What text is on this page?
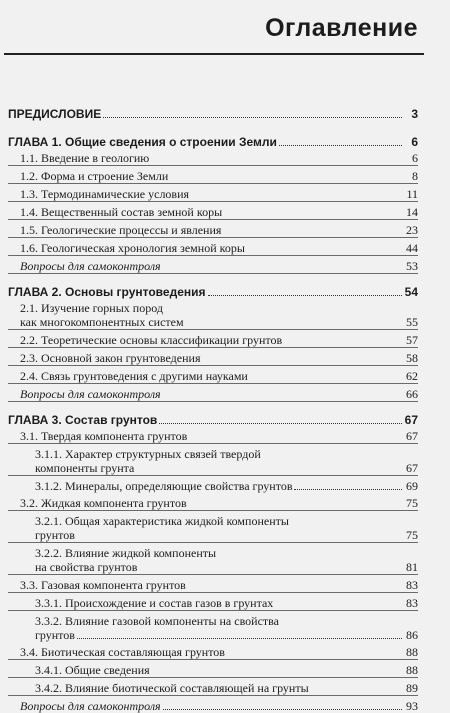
Оглавление
ПРЕДИСЛОВИЕ	3
ГЛАВА 1. Общие сведения о строении Земли	6
1.1. Введение в геологию	6
1.2. Форма и строение Земли	8
1.3. Термодинамические условия	11
1.4. Вещественный состав земной коры	14
1.5. Геологические процессы и явления	23
1.6. Геологическая хронология земной коры	44
Вопросы для самоконтроля	53
ГЛАВА 2. Основы грунтоведения	54
2.1. Изучение горных пород
как многокомпонентных систем	55
2.2. Теоретические основы классификации грунтов	57
2.3. Основной закон грунтоведения	58
2.4. Связь грунтоведения с другими науками	62
Вопросы для самоконтроля	66
ГЛАВА 3. Состав грунтов	67
3.1. Твердая компонента грунтов	67
3.1.1. Характер структурных связей твердой
компоненты грунта	67
3.1.2. Минералы, определяющие свойства грунтов	69
3.2. Жидкая компонента грунтов	75
3.2.1. Общая характеристика жидкой компоненты
грунтов	75
3.2.2. Влияние жидкой компоненты
на свойства грунтов	81
3.3. Газовая компонента грунтов	83
3.3.1. Происхождение и состав газов в грунтах	83
3.3.2. Влияние газовой компоненты на свойства
грунтов	86
3.4. Биотическая составляющая грунтов	88
3.4.1. Общие сведения	88
3.4.2. Влияние биотической составляющей на грунты	89
Вопросы для самоконтроля	93
